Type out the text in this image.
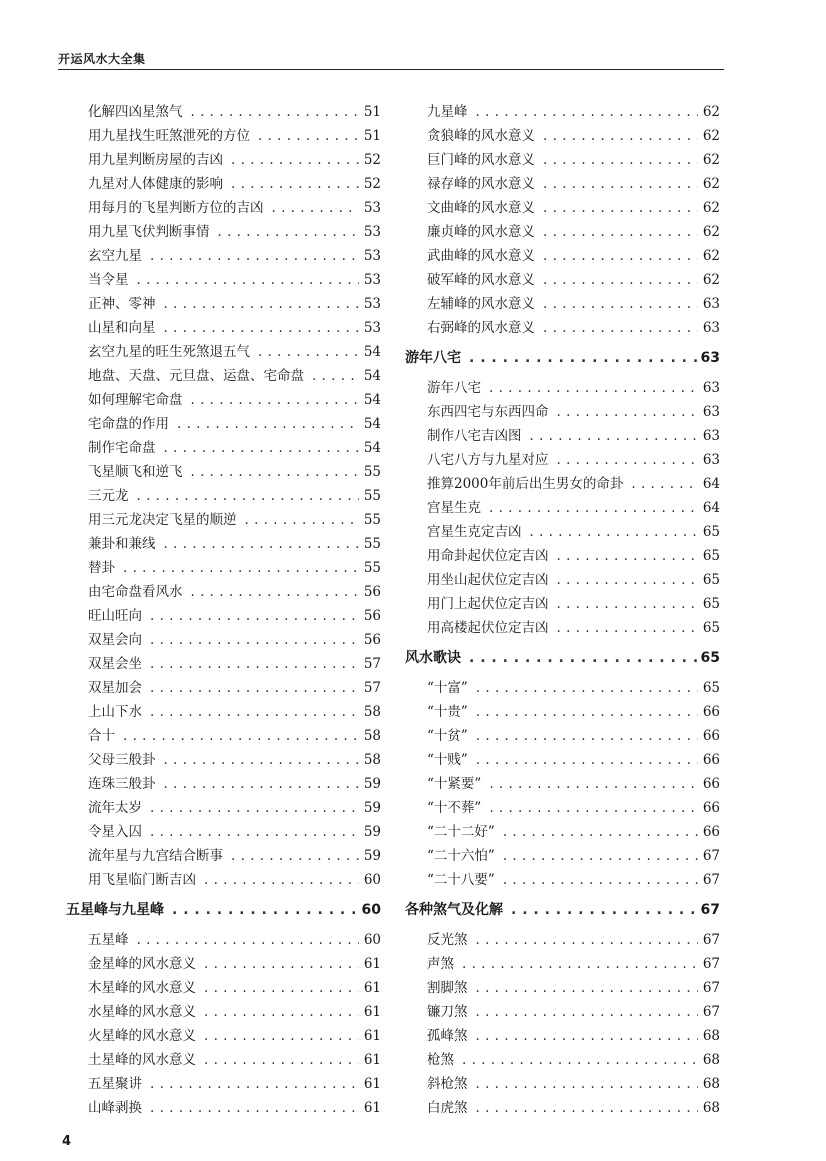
开运风水大全集
化解四凶星煞气 . . .	51
用九星找生旺煞泄死的方位 . . .	51
用九星判断房屋的吉凶 . . .	52
九星对人体健康的影响 . . .	52
用每月的飞星判断方位的吉凶 . . .	53
用九星飞伏判断事情 . . .	53
玄空九星 . . .	53
当令星 . . .	53
正神、零神 . . .	53
山星和向星 . . .	53
玄空九星的旺生死煞退五气 . . .	54
地盘、天盘、元旦盘、运盘、宅命盘 . . .	54
如何理解宅命盘 . . .	54
宅命盘的作用 . . .	54
制作宅命盘 . . .	54
飞星顺飞和逆飞 . . .	55
三元龙 . . .	55
用三元龙决定飞星的顺逆 . . .	55
兼卦和兼线 . . .	55
替卦 . . .	55
由宅命盘看风水 . . .	56
旺山旺向 . . .	56
双星会向 . . .	56
双星会坐 . . .	57
双星加会 . . .	57
上山下水 . . .	58
合十 . . .	58
父母三般卦 . . .	58
连珠三般卦 . . .	59
流年太岁 . . .	59
令星入囚 . . .	59
流年星与九宫结合断事 . . .	59
用飞星临门断吉凶 . . .	60
五星峰与九星峰 . . .	60
五星峰 . . .	60
金星峰的风水意义 . . .	61
木星峰的风水意义 . . .	61
水星峰的风水意义 . . .	61
火星峰的风水意义 . . .	61
土星峰的风水意义 . . .	61
五星聚讲 . . .	61
山峰剥换 . . .	61
九星峰 . . .	62
贪狼峰的风水意义 . . .	62
巨门峰的风水意义 . . .	62
禄存峰的风水意义 . . .	62
文曲峰的风水意义 . . .	62
廉贞峰的风水意义 . . .	62
武曲峰的风水意义 . . .	62
破军峰的风水意义 . . .	62
左辅峰的风水意义 . . .	63
右弼峰的风水意义 . . .	63
游年八宅 . . .	63
游年八宅 . . .	63
东西四宅与东西四命 . . .	63
制作八宅吉凶图 . . .	63
八宅八方与九星对应 . . .	63
推算2000年前后出生男女的命卦 . . .	64
宫星生克 . . .	64
宫星生克定吉凶 . . .	65
用命卦起伏位定吉凶 . . .	65
用坐山起伏位定吉凶 . . .	65
用门上起伏位定吉凶 . . .	65
用高楼起伏位定吉凶 . . .	65
风水歌诀 . . .	65
“十富” . . .	65
“十贵” . . .	66
“十贫” . . .	66
“十贱” . . .	66
“十紧要” . . .	66
“十不葬” . . .	66
“二十二好” . . .	66
“二十六怕” . . .	67
“二十八要” . . .	67
各种煞气及化解 . . .	67
反光煞 . . .	67
声煞 . . .	67
割脚煞 . . .	67
镰刀煞 . . .	67
孤峰煞 . . .	68
枪煞 . . .	68
斜枪煞 . . .	68
白虎煞 . . .	68
4
